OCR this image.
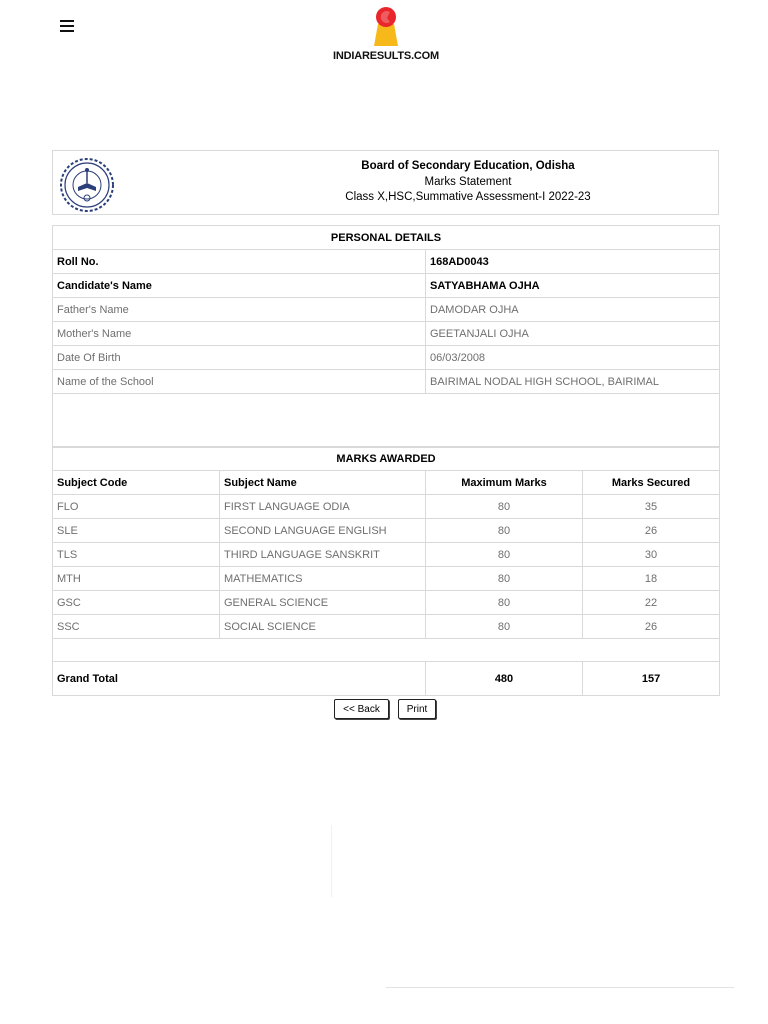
INDIARESULTS.COM
Board of Secondary Education, Odisha
Marks Statement
Class X,HSC,Summative Assessment-I 2022-23
PERSONAL DETAILS	
Roll No.	168AD0043
Candidate's Name	SATYABHAMA OJHA
Father's Name	DAMODAR OJHA
Mother's Name	GEETANJALI OJHA
Date Of Birth	06/03/2008
Name of the School	BAIRIMAL NODAL HIGH SCHOOL, BAIRIMAL

MARKS AWARDED			
Subject Code	Subject Name	Maximum Marks	Marks Secured
FLO	FIRST LANGUAGE ODIA	80	35
SLE	SECOND LANGUAGE ENGLISH	80	26
TLS	THIRD LANGUAGE SANSKRIT	80	30
MTH	MATHEMATICS	80	18
GSC	GENERAL SCIENCE	80	22
SSC	SOCIAL SCIENCE	80	26

Grand Total		480	157
<< Back	Print
